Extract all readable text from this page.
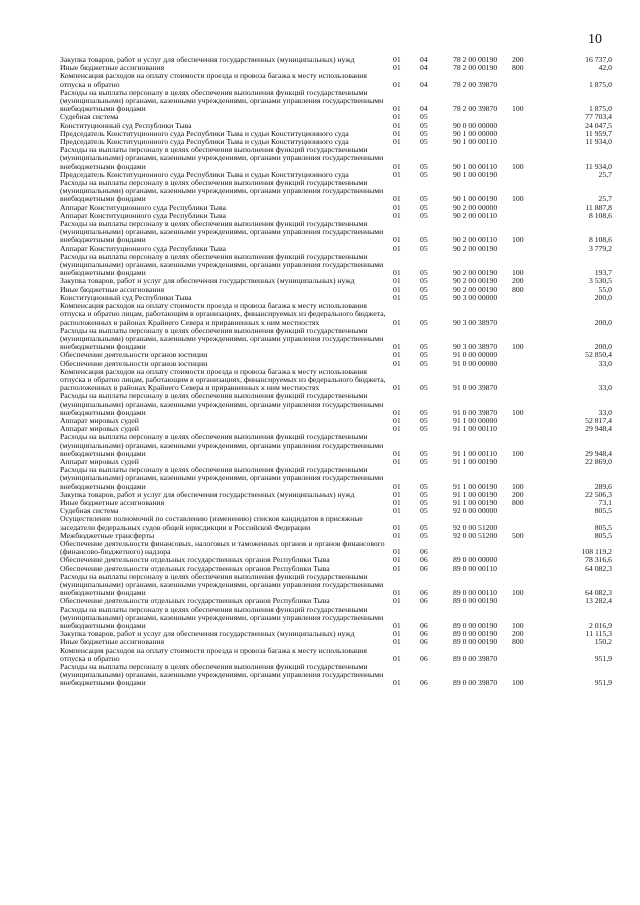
10
Закупка товаров, работ и услуг для обеспечения государственных (муниципальных) нужд	01	04	78 2 00 00190	200	16 737,0
Иные бюджетные ассигнования	01	04	78 2 00 00190	800	42,0
Компенсация расходов на оплату стоимости проезда и провоза багажа к месту использования отпуска и обратно	01	04	78 2 00 39870		1 875,0
Расходы на выплаты персоналу в целях обеспечения выполнения функций государственными (муниципальными) органами, казенными учреждениями, органами управления государственными внебюджетными фондами	01	04	78 2 00 39870	100	1 875,0
Судебная система	01	05			77 703,4
Конституционный суд Республики Тыва	01	05	90 0 00 00000		24 047,5
Председатель Конституционного суда Республики Тыва и судьи Конституционного суда	01	05	90 1 00 00000		11 959,7
Председатель Конституционного суда Республики Тыва и судьи Конституционного суда	01	05	90 1 00 00110		11 934,0
Расходы на выплаты персоналу в целях обеспечения выполнения функций государственными (муниципальными) органами, казенными учреждениями, органами управления государственными внебюджетными фондами	01	05	90 1 00 00110	100	11 934,0
Председатель Конституционного суда Республики Тыва и судьи Конституционного суда	01	05	90 1 00 00190		25,7
Расходы на выплаты персоналу в целях обеспечения выполнения функций государственными (муниципальными) органами, казенными учреждениями, органами управления государственными внебюджетными фондами	01	05	90 1 00 00190	100	25,7
Аппарат Конституционного суда Республики Тыва	01	05	90 2 00 00000		11 887,8
Аппарат Конституционного суда Республики Тыва	01	05	90 2 00 00110		8 108,6
Расходы на выплаты персоналу в целях обеспечения выполнения функций государственными (муниципальными) органами, казенными учреждениями, органами управления государственными внебюджетными фондами	01	05	90 2 00 00110	100	8 108,6
Аппарат Конституционного суда Республики Тыва	01	05	90 2 00 00190		3 779,2
Расходы на выплаты персоналу в целях обеспечения выполнения функций государственными (муниципальными) органами, казенными учреждениями, органами управления государственными внебюджетными фондами	01	05	90 2 00 00190	100	193,7
Закупка товаров, работ и услуг для обеспечения государственных (муниципальных) нужд	01	05	90 2 00 00190	200	3 530,5
Иные бюджетные ассигнования	01	05	90 2 00 00190	800	55,0
Конституционный суд Республики Тыва	01	05	90 3 00 00000		200,0
Компенсация расходов на оплату стоимости проезда и провоза багажа к месту использования отпуска и обратно лицам, работающим в организациях, финансируемых из федерального бюджета, расположенных в районах Крайнего Севера и приравненных к ним местностях	01	05	90 3 00 38970		200,0
Расходы на выплаты персоналу в целях обеспечения выполнения функций государственными (муниципальными) органами, казенными учреждениями, органами управления государственными внебюджетными фондами	01	05	90 3 00 38970	100	200,0
Обеспечение деятельности органов юстиции	01	05	91 0 00 00000		52 850,4
Обеспечение деятельности органов юстиции	01	05	91 0 00 00000		33,0
Компенсация расходов на оплату стоимости проезда и провоза багажа к месту использования отпуска и обратно лицам, работающим в организациях, финансируемых из федерального бюджета, расположенных в районах Крайнего Севера и приравненных к ним местностях	01	05	91 0 00 39870		33,0
Расходы на выплаты персоналу в целях обеспечения выполнения функций государственными (муниципальными) органами, казенными учреждениями, органами управления государственными внебюджетными фондами	01	05	91 0 00 39870	100	33,0
Аппарат мировых судей	01	05	91 1 00 00000		52 817,4
Аппарат мировых судей	01	05	91 1 00 00110		29 948,4
Расходы на выплаты персоналу в целях обеспечения выполнения функций государственными (муниципальными) органами, казенными учреждениями, органами управления государственными внебюджетными фондами	01	05	91 1 00 00110	100	29 948,4
Аппарат мировых судей	01	05	91 1 00 00190		22 869,0
Расходы на выплаты персоналу в целях обеспечения выполнения функций государственными (муниципальными) органами, казенными учреждениями, органами управления государственными внебюджетными фондами	01	05	91 1 00 00190	100	289,6
Закупка товаров, работ и услуг для обеспечения государственных (муниципальных) нужд	01	05	91 1 00 00190	200	22 506,3
Иные бюджетные ассигнования	01	05	91 1 00 00190	800	73,1
Судебная система	01	05	92 0 00 00000		805,5
Осуществление полномочий по составлению (изменению) списков кандидатов в присяжные заседатели федеральных судов общей юрисдикции в Российской Федерации	01	05	92 0 00 51200		805,5
Межбюджетные трансферты	01	05	92 0 00 51200	500	805,5
Обеспечение деятельности финансовых, налоговых и таможенных органов и органов финансового (финансово-бюджетного) надзора	01	06			108 119,2
Обеспечение деятельности отдельных государственных органов Республики Тыва	01	06	89 0 00 00000		78 316,6
Обеспечение деятельности отдельных государственных органов Республики Тыва	01	06	89 0 00 00110		64 082,3
Расходы на выплаты персоналу в целях обеспечения выполнения функций государственными (муниципальными) органами, казенными учреждениями, органами управления государственными внебюджетными фондами	01	06	89 0 00 00110	100	64 082,3
Обеспечение деятельности отдельных государственных органов Республики Тыва	01	06	89 0 00 00190		13 282,4
Расходы на выплаты персоналу в целях обеспечения выполнения функций государственными (муниципальными) органами, казенными учреждениями, органами управления государственными внебюджетными фондами	01	06	89 0 00 00190	100	2 016,9
Закупка товаров, работ и услуг для обеспечения государственных (муниципальных) нужд	01	06	89 0 00 00190	200	11 115,3
Иные бюджетные ассигнования	01	06	89 0 00 00190	800	150,2
Компенсация расходов на оплату стоимости проезда и провоза багажа к месту использования отпуска и обратно	01	06	89 0 00 39870		951,9
Расходы на выплаты персоналу в целях обеспечения выполнения функций государственными (муниципальными) органами, казенными учреждениями, органами управления государственными внебюджетными фондами	01	06	89 0 00 39870	100	951,9
